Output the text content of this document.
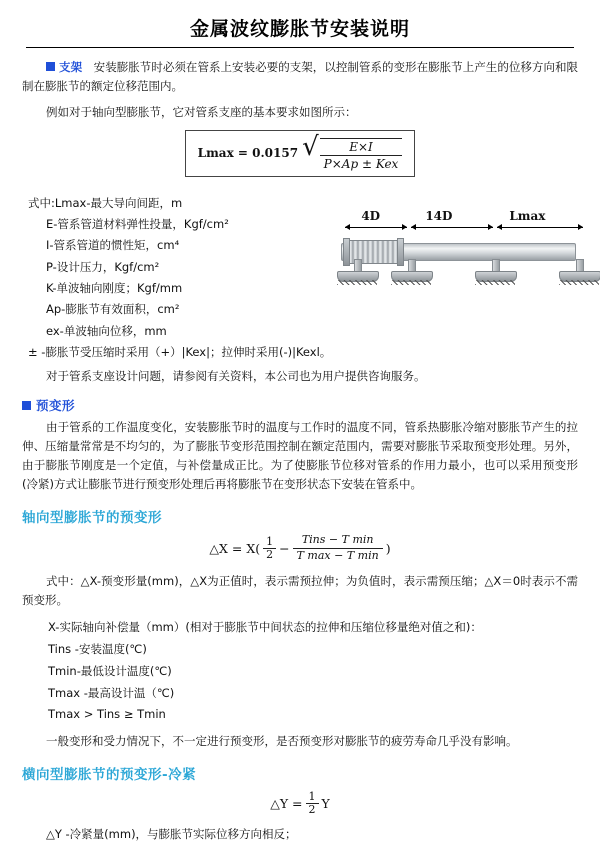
金属波纹膨胀节安装说明

支架　 安装膨胀节时必须在管系上安装必要的支架，以控制管系的变形在膨胀节上产生的位移方向和限制在膨胀节的额定位移范围内。

例如对于轴向型膨胀节，它对管系支座的基本要求如图所示：

Lmax = 0.0157 √ $\frac{E\times I}{\text{P×Ap ± Kex}}$
式中:Lmax-最大导向间距，m
E-管系管道材料弹性投量，Kgf/cm²
I-管系管道的惯性矩，cm⁴
P-设计压力，Kgf/cm²
K-单波轴向刚度；Kgf/mm
Ap-膨胀节有效面积，cm²
ex-单波轴向位移，mm
± -膨胀节受压缩时采用（+）|Kex|；拉伸时采用(-)|Kexl。
4D	14D	Lmax

对于管系支座设计问题，请参阅有关资料，本公司也为用户提供咨询服务。

预变形

由于管系的工作温度变化，安装膨胀节时的温度与工作时的温度不同，管系热膨胀冷缩对膨胀节产生的拉伸、压缩量常常是不均匀的，为了膨胀节变形范围控制在额定范围内，需要对膨胀节采取预变形处理。另外，由于膨胀节刚度是一个定值，与补偿量成正比。为了使膨胀节位移对管系的作用力最小，也可以采用预变形(冷紧)方式让膨胀节进行预变形处理后再将膨胀节在变形状态下安装在管系中。

轴向型膨胀节的预变形
△X = $X( \frac{1}{2}$ −
Tins − T min
T max − T min )

式中：△X-预变形量(mm)，△X为正值时，表示需预拉伸；为负值时，表示需预压缩；△X＝0时表示不需预变形。

X-实际轴向补偿量（mm）(相对于膨胀节中间状态的拉伸和压缩位移量绝对值之和)：
Tins -安装温度(℃)
Tmin-最低设计温度(℃)
Tmax -最高设计温（℃)
Tmax > Tins ≥ Tmin

一般变形和受力情况下，不一定进行预变形，是否预变形对膨胀节的疲劳寿命几乎没有影响。

横向型膨胀节的预变形-冷紧
△Y = $\frac{1}{2}$ Y

△Y -冷紧量(mm)，与膨胀节实际位移方向相反；
